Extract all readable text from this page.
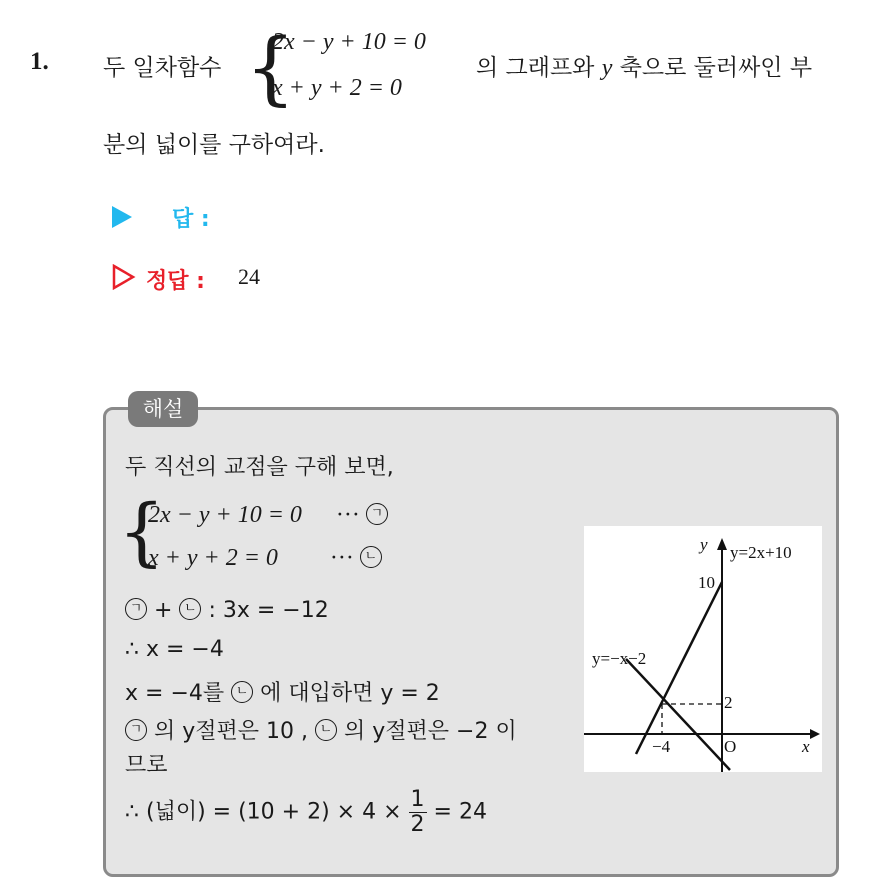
1. 두 일차함수 {
2x − y + 10 = 0
x + y + 2 = 0
의 그래프와 y 축으로 둘러싸인 부
분의 넓이를 구하여라.
답 :
정답 : 24
해설
두 직선의 교점을 구해 보면,
{
2x − y + 10 = 0 ··· ㄱ
x + y + 2 = 0 ··· ㄴ
ㄱ + ㄴ : 3x = −12
∴ x = −4
x = −4를 ㄴ 에 대입하면 y = 2
ㄱ 의 y절편은 10 , ㄴ 의 y절편은 −2 이
므로
∴ (넓이) = $(10 + 2) \times 4 \times \frac{1}{2} = 24$
y y=2x+10
10
y=−x−2
2
−4	O	x
